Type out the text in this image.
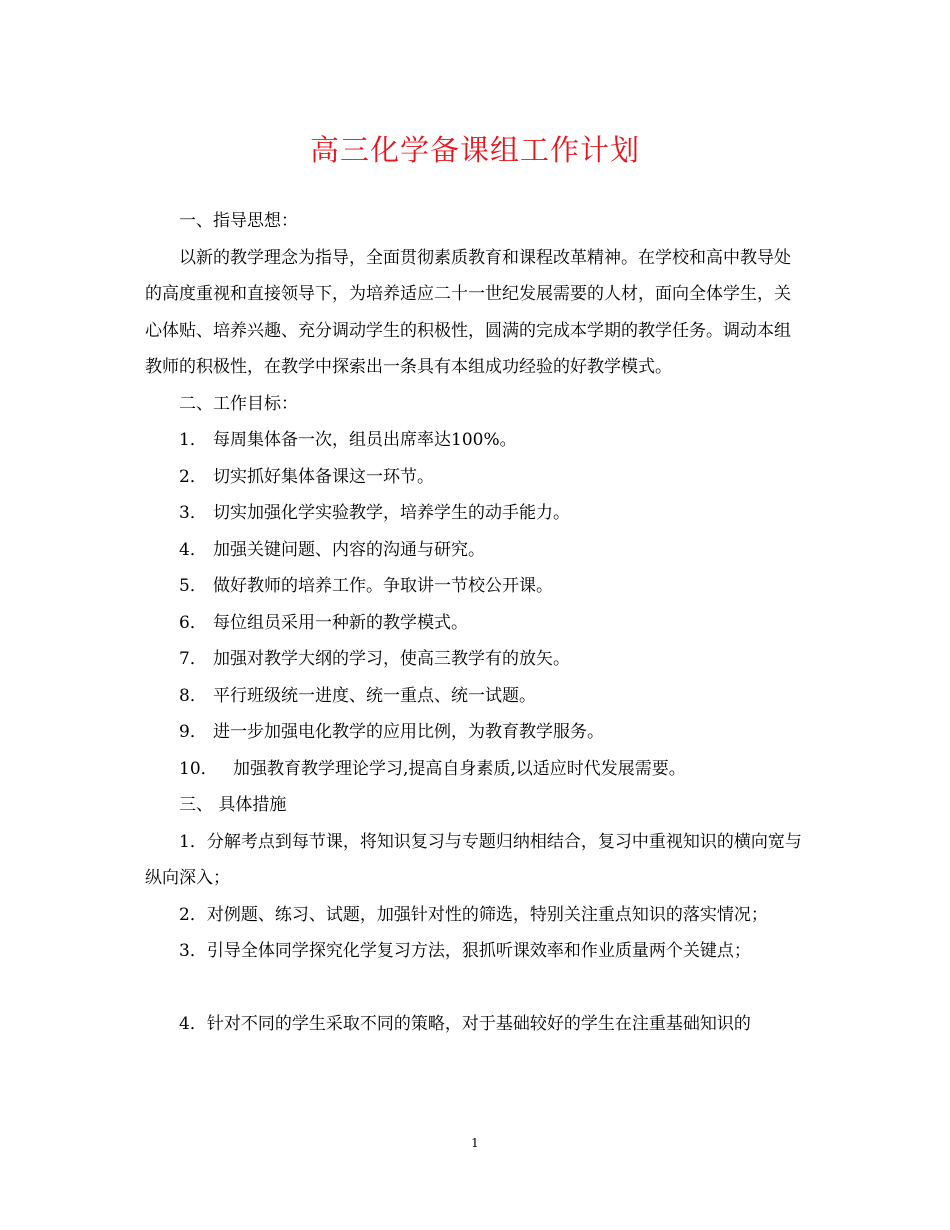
高三化学备课组工作计划

一、指导思想：

以新的教学理念为指导，全面贯彻素质教育和课程改革精神。在学校和高中教导处的高度重视和直接领导下，为培养适应二十一世纪发展需要的人材，面向全体学生，关心体贴、培养兴趣、充分调动学生的积极性，圆满的完成本学期的教学任务。调动本组教师的积极性，在教学中探索出一条具有本组成功经验的好教学模式。

二、工作目标：

1． 每周集体备一次，组员出席率达100%。
2． 切实抓好集体备课这一环节。
3． 切实加强化学实验教学，培养学生的动手能力。
4． 加强关键问题、内容的沟通与研究。
5． 做好教师的培养工作。争取讲一节校公开课。
6． 每位组员采用一种新的教学模式。
7． 加强对教学大纲的学习，使高三教学有的放矢。
8． 平行班级统一进度、统一重点、统一试题。
9． 进一步加强电化教学的应用比例，为教育教学服务。
10． 加强教育教学理论学习,提高自身素质,以适应时代发展需要。

三、 具体措施

1．分解考点到每节课，将知识复习与专题归纳相结合，复习中重视知识的横向宽与纵向深入；

2．对例题、练习、试题，加强针对性的筛选，特别关注重点知识的落实情况；

3．引导全体同学探究化学复习方法，狠抓听课效率和作业质量两个关键点；

4．针对不同的学生采取不同的策略，对于基础较好的学生在注重基础知识的

1
